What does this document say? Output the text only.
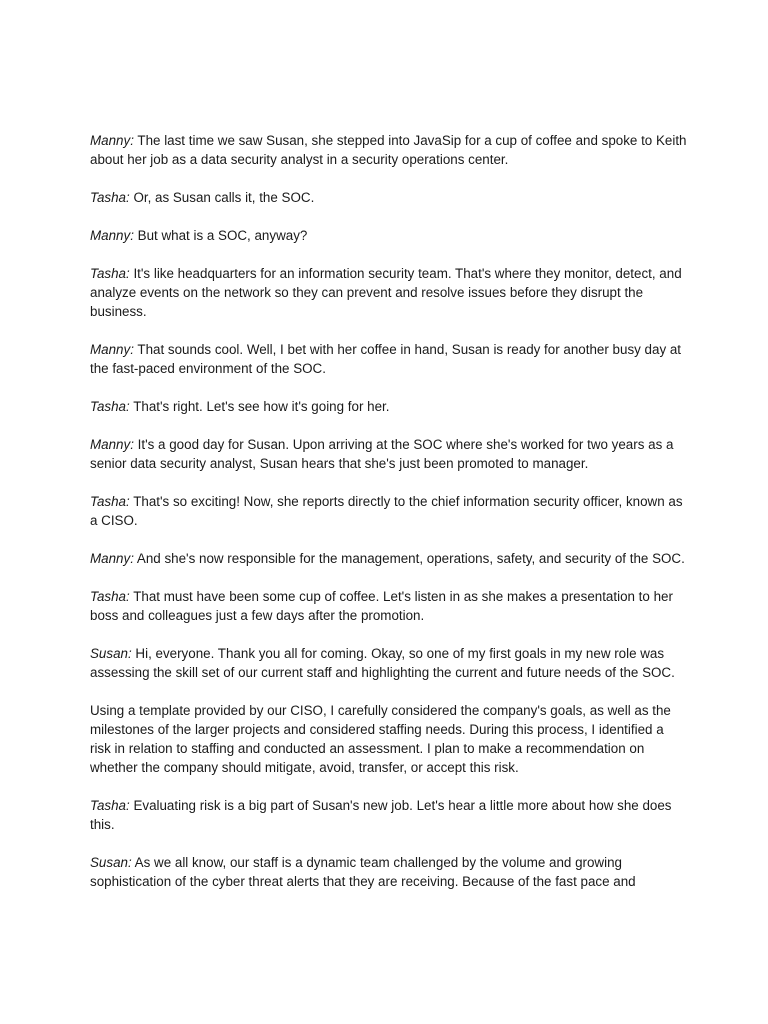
Manny: The last time we saw Susan, she stepped into JavaSip for a cup of coffee and spoke to Keith about her job as a data security analyst in a security operations center.

Tasha: Or, as Susan calls it, the SOC.

Manny: But what is a SOC, anyway?

Tasha: It's like headquarters for an information security team. That's where they monitor, detect, and analyze events on the network so they can prevent and resolve issues before they disrupt the business.

Manny: That sounds cool. Well, I bet with her coffee in hand, Susan is ready for another busy day at the fast-paced environment of the SOC.

Tasha: That's right. Let's see how it's going for her.

Manny: It's a good day for Susan. Upon arriving at the SOC where she's worked for two years as a senior data security analyst, Susan hears that she's just been promoted to manager.

Tasha: That's so exciting! Now, she reports directly to the chief information security officer, known as a CISO.

Manny: And she's now responsible for the management, operations, safety, and security of the SOC.

Tasha: That must have been some cup of coffee. Let's listen in as she makes a presentation to her boss and colleagues just a few days after the promotion.

Susan: Hi, everyone. Thank you all for coming. Okay, so one of my first goals in my new role was assessing the skill set of our current staff and highlighting the current and future needs of the SOC.

Using a template provided by our CISO, I carefully considered the company's goals, as well as the milestones of the larger projects and considered staffing needs. During this process, I identified a risk in relation to staffing and conducted an assessment. I plan to make a recommendation on whether the company should mitigate, avoid, transfer, or accept this risk.

Tasha: Evaluating risk is a big part of Susan's new job. Let's hear a little more about how she does this.

Susan: As we all know, our staff is a dynamic team challenged by the volume and growing sophistication of the cyber threat alerts that they are receiving. Because of the fast pace and
